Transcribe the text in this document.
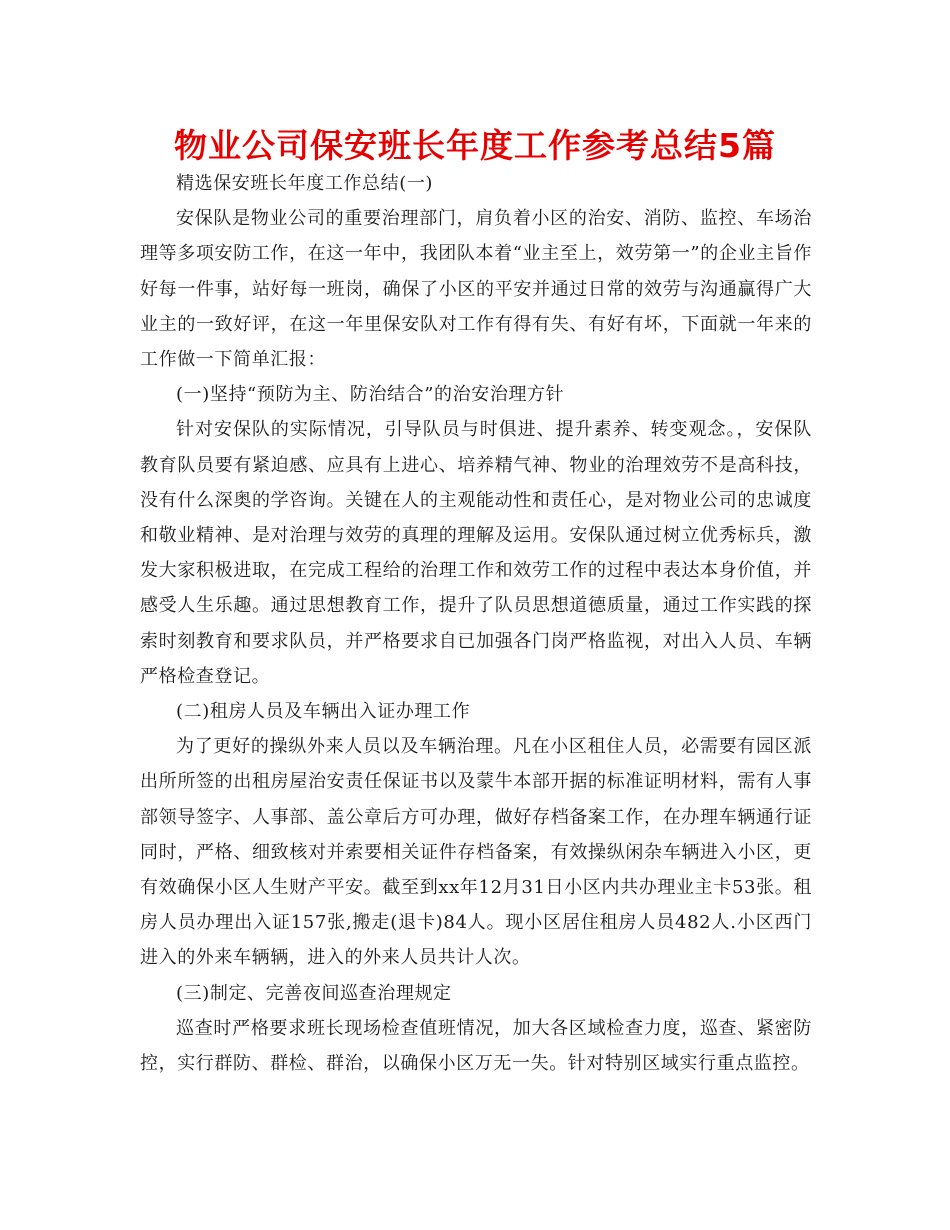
物业公司保安班长年度工作参考总结5篇

精选保安班长年度工作总结(一)

安保队是物业公司的重要治理部门，肩负着小区的治安、消防、监控、车场治理等多项安防工作，在这一年中，我团队本着“业主至上，效劳第一”的企业主旨作好每一件事，站好每一班岗，确保了小区的平安并通过日常的效劳与沟通赢得广大业主的一致好评，在这一年里保安队对工作有得有失、有好有坏，下面就一年来的工作做一下简单汇报：

(一)坚持“预防为主、防治结合”的治安治理方针

针对安保队的实际情况，引导队员与时俱进、提升素养、转变观念。，安保队教育队员要有紧迫感、应具有上进心、培养精气神、物业的治理效劳不是高科技，没有什么深奥的学咨询。关键在人的主观能动性和责任心，是对物业公司的忠诚度和敬业精神、是对治理与效劳的真理的理解及运用。安保队通过树立优秀标兵，激发大家积极进取，在完成工程给的治理工作和效劳工作的过程中表达本身价值，并感受人生乐趣。通过思想教育工作，提升了队员思想道德质量，通过工作实践的探索时刻教育和要求队员，并严格要求自已加强各门岗严格监视，对出入人员、车辆严格检查登记。

(二)租房人员及车辆出入证办理工作

为了更好的操纵外来人员以及车辆治理。凡在小区租住人员，必需要有园区派出所所签的出租房屋治安责任保证书以及蒙牛本部开据的标准证明材料，需有人事部领导签字、人事部、盖公章后方可办理，做好存档备案工作，在办理车辆通行证同时，严格、细致核对并索要相关证件存档备案，有效操纵闲杂车辆进入小区，更有效确保小区人生财产平安。截至到xx年12月31日小区内共办理业主卡53张。租房人员办理出入证157张,搬走(退卡)84人。现小区居住租房人员482人.小区西门进入的外来车辆辆，进入的外来人员共计人次。

(三)制定、完善夜间巡查治理规定

巡查时严格要求班长现场检查值班情况，加大各区域检查力度，巡查、紧密防控，实行群防、群检、群治，以确保小区万无一失。针对特别区域实行重点监控。
